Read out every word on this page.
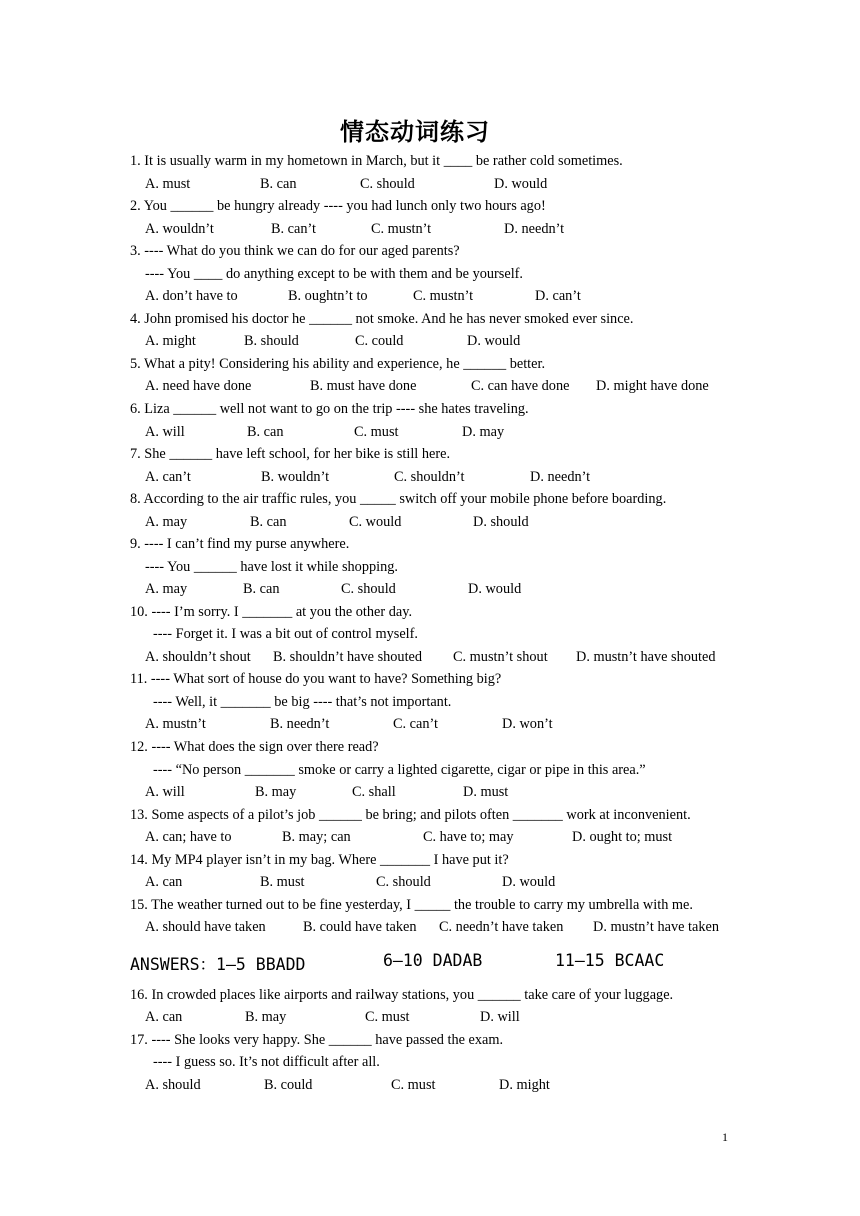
情态动词练习
1. It is usually warm in my hometown in March, but it ____ be rather cold sometimes.
A. must	B. can	C. should	D. would
2. You ______ be hungry already ---- you had lunch only two hours ago!
A. wouldn’t	B. can’t	C. mustn’t	D. needn’t
3. ---- What do you think we can do for our aged parents?
---- You ____ do anything except to be with them and be yourself.
A. don’t have to	B. oughtn’t to	C. mustn’t	D. can’t
4. John promised his doctor he ______ not smoke. And he has never smoked ever since.
A. might	B. should	C. could	D. would
5. What a pity! Considering his ability and experience, he ______ better.
A. need have done	B. must have done	C. can have done D. might have done
6. Liza ______ well not want to go on the trip ---- she hates traveling.
A. will	B. can	C. must	D. may
7. She ______ have left school, for her bike is still here.
A. can’t	B. wouldn’t	C. shouldn’t	D. needn’t
8. According to the air traffic rules, you _____ switch off your mobile phone before boarding.
A. may	B. can	C. would	D. should
9. ---- I can’t find my purse anywhere.
---- You ______ have lost it while shopping.
A. may	B. can	C. should	D. would
10. ---- I’m sorry. I _______ at you the other day.
---- Forget it. I was a bit out of control myself.
A. shouldn’t shout B. shouldn’t have shouted C. mustn’t shout D. mustn’t have shouted
11. ---- What sort of house do you want to have? Something big?
---- Well, it _______ be big ---- that’s not important.
A. mustn’t	B. needn’t	C. can’t	D. won’t
12. ---- What does the sign over there read?
---- “No person _______ smoke or carry a lighted cigarette, cigar or pipe in this area.”
A. will	B. may	C. shall	D. must
13. Some aspects of a pilot’s job ______ be bring; and pilots often _______ work at inconvenient.
A. can; have to	B. may; can	C. have to; may	D. ought to; must
14. My MP4 player isn’t in my bag. Where _______ I have put it?
A. can	B. must	C. should	D. would
15. The weather turned out to be fine yesterday, I _____ the trouble to carry my umbrella with me.
A. should have taken	B. could have taken C. needn’t have taken D. mustn’t have taken
ANSWERS：1—5 BBADD	6—10 DADAB	11—15 BCAAC
16. In crowded places like airports and railway stations, you ______ take care of your luggage.
A. can	B. may	C. must	D. will
17. ---- She looks very happy. She ______ have passed the exam.
---- I guess so. It’s not difficult after all.
A. should	B. could	C. must	D. might
1
